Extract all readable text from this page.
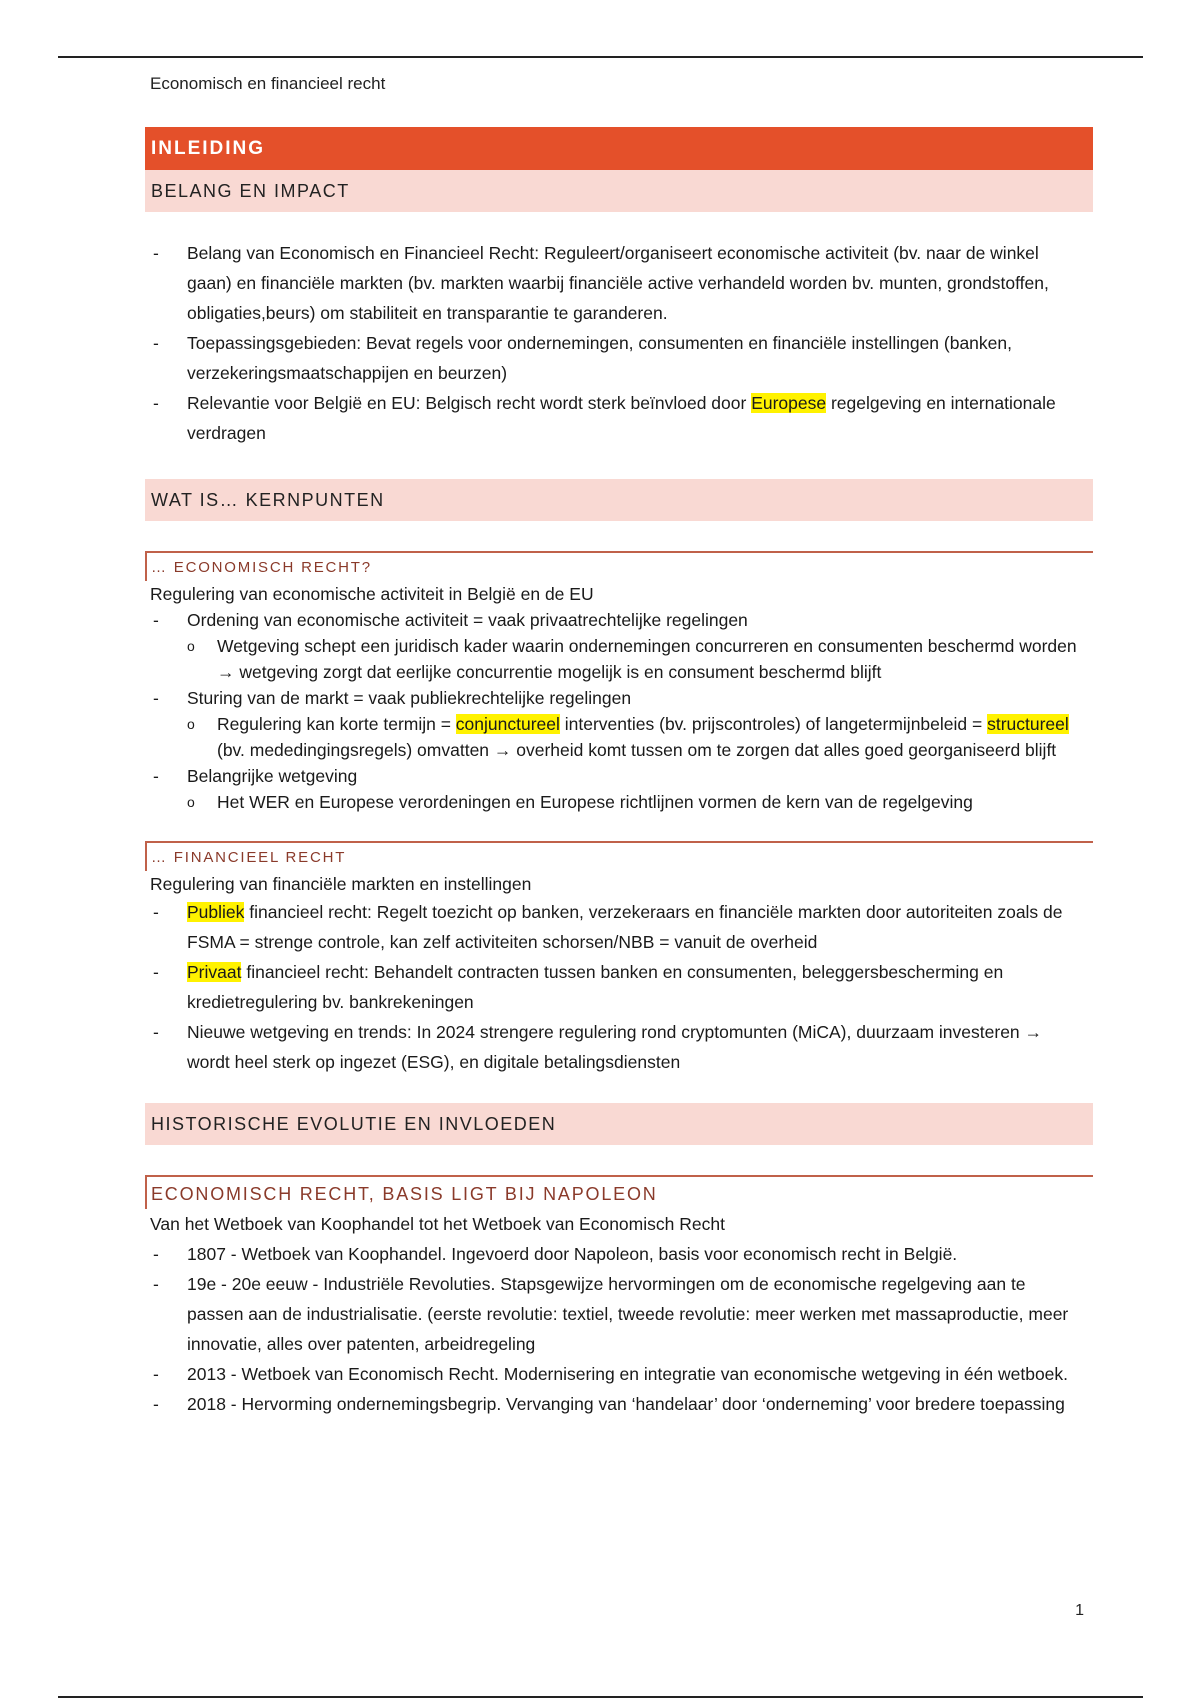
Economisch en financieel recht
INLEIDING
BELANG EN IMPACT
- Belang van Economisch en Financieel Recht: Reguleert/organiseert economische activiteit (bv. naar de winkel gaan) en financiële markten (bv. markten waarbij financiële active verhandeld worden bv. munten, grondstoffen, obligaties,beurs) om stabiliteit en transparantie te garanderen.
- Toepassingsgebieden: Bevat regels voor ondernemingen, consumenten en financiële instellingen (banken, verzekeringsmaatschappijen en beurzen)
- Relevantie voor België en EU: Belgisch recht wordt sterk beïnvloed door Europese regelgeving en internationale verdragen
WAT IS… KERNPUNTEN
… ECONOMISCH RECHT?
Regulering van economische activiteit in België en de EU
- Ordening van economische activiteit = vaak privaatrechtelijke regelingen
o Wetgeving schept een juridisch kader waarin ondernemingen concurreren en consumenten beschermd worden → wetgeving zorgt dat eerlijke concurrentie mogelijk is en consument beschermd blijft
- Sturing van de markt = vaak publiekrechtelijke regelingen
o Regulering kan korte termijn = conjunctureel interventies (bv. prijscontroles) of langetermijnbeleid = structureel (bv. mededingingsregels) omvatten → overheid komt tussen om te zorgen dat alles goed georganiseerd blijft
- Belangrijke wetgeving
o Het WER en Europese verordeningen en Europese richtlijnen vormen de kern van de regelgeving
… FINANCIEEL RECHT
Regulering van financiële markten en instellingen
- Publiek financieel recht: Regelt toezicht op banken, verzekeraars en financiële markten door autoriteiten zoals de FSMA = strenge controle, kan zelf activiteiten schorsen/NBB = vanuit de overheid
- Privaat financieel recht: Behandelt contracten tussen banken en consumenten, beleggersbescherming en kredietregulering bv. bankrekeningen
- Nieuwe wetgeving en trends: In 2024 strengere regulering rond cryptomunten (MiCA), duurzaam investeren → wordt heel sterk op ingezet (ESG), en digitale betalingsdiensten
HISTORISCHE EVOLUTIE EN INVLOEDEN
ECONOMISCH RECHT, BASIS LIGT BIJ NAPOLEON
Van het Wetboek van Koophandel tot het Wetboek van Economisch Recht
- 1807 - Wetboek van Koophandel. Ingevoerd door Napoleon, basis voor economisch recht in België.
- 19e - 20e eeuw - Industriële Revoluties. Stapsgewijze hervormingen om de economische regelgeving aan te passen aan de industrialisatie. (eerste revolutie: textiel, tweede revolutie: meer werken met massaproductie, meer innovatie, alles over patenten, arbeidregeling
- 2013 - Wetboek van Economisch Recht. Modernisering en integratie van economische wetgeving in één wetboek.
- 2018 - Hervorming ondernemingsbegrip. Vervanging van ‘handelaar’ door ‘onderneming’ voor bredere toepassing
1
